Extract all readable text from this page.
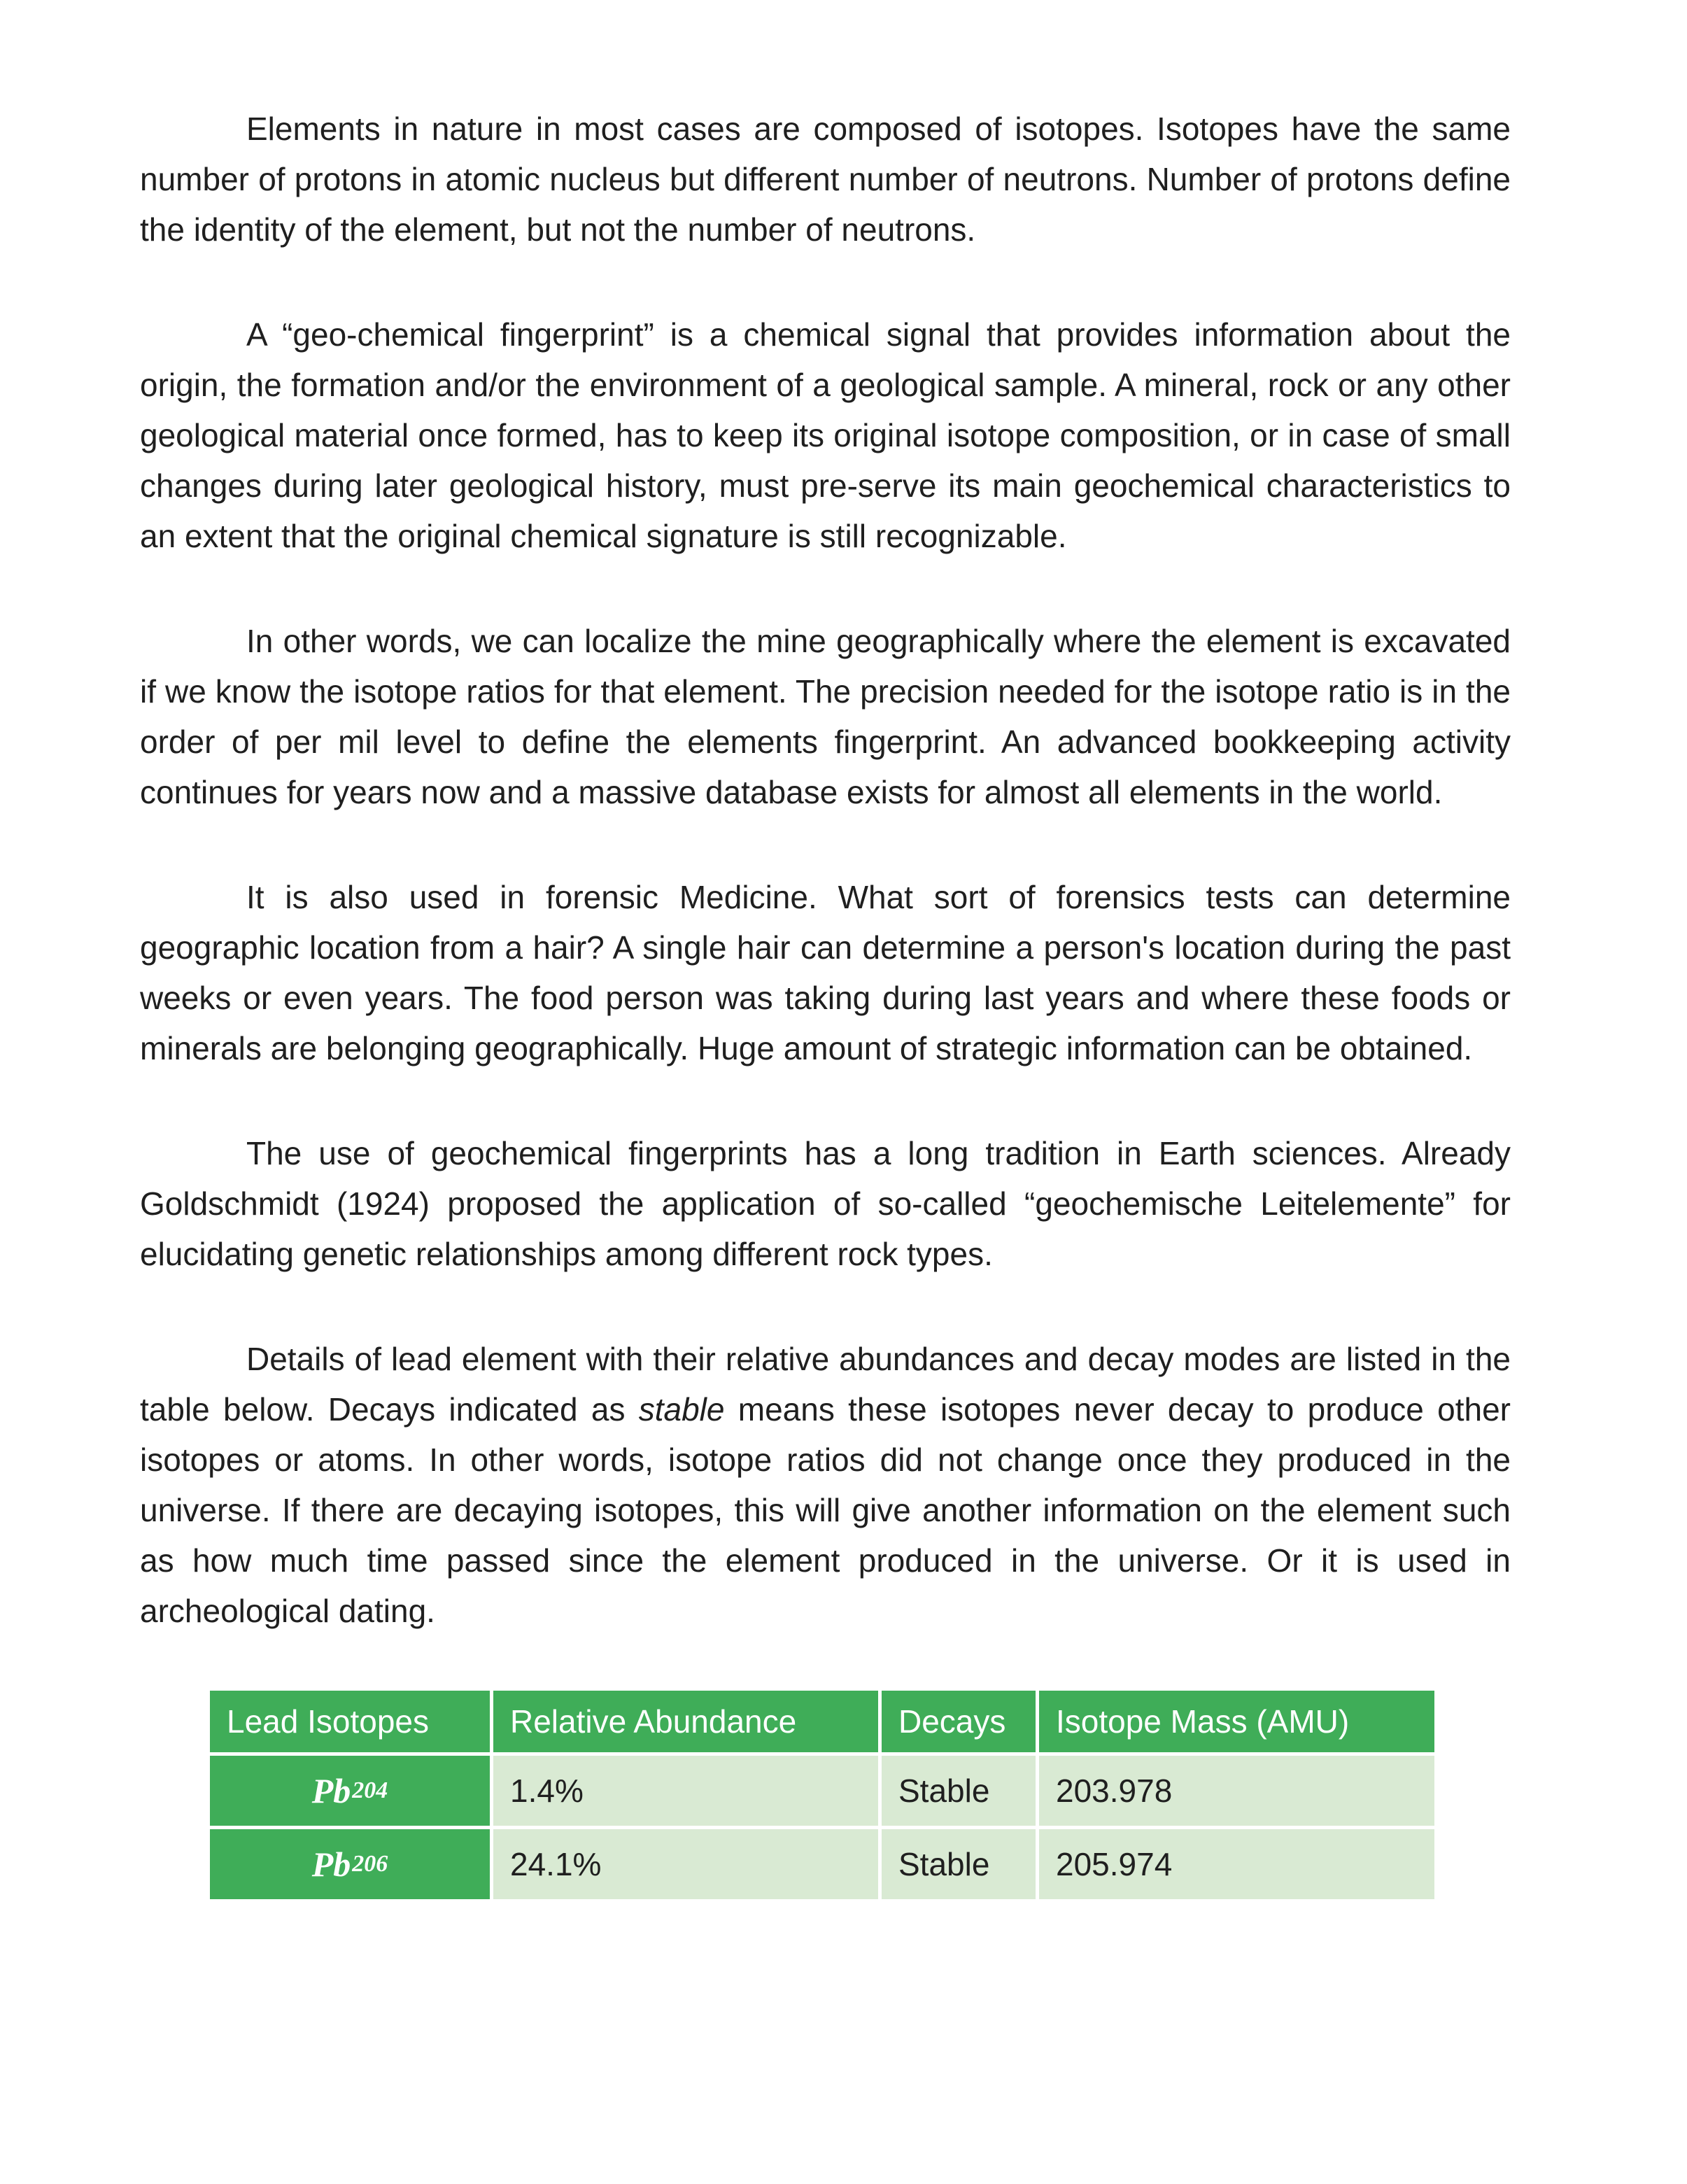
Elements in nature in most cases are composed of isotopes. Isotopes have the same number of protons in atomic nucleus but different number of neutrons. Number of protons define the identity of the element, but not the number of neutrons.

A “geo-chemical fingerprint” is a chemical signal that provides information about the origin, the formation and/or the environment of a geological sample. A mineral, rock or any other geological material once formed, has to keep its original isotope composition, or in case of small changes during later geological history, must pre-serve its main geochemical characteristics to an extent that the original chemical signature is still recognizable.

In other words, we can localize the mine geographically where the element is excavated if we know the isotope ratios for that element. The precision needed for the isotope ratio is in the order of per mil level to define the elements fingerprint. An advanced bookkeeping activity continues for years now and a massive database exists for almost all elements in the world.

It is also used in forensic Medicine. What sort of forensics tests can determine geographic location from a hair? A single hair can determine a person's location during the past weeks or even years. The food person was taking during last years and where these foods or minerals are belonging geographically. Huge amount of strategic information can be obtained.

The use of geochemical fingerprints has a long tradition in Earth sciences. Already Goldschmidt (1924) proposed the application of so-called “geochemische Leitelemente” for elucidating genetic relationships among different rock types.

Details of lead element with their relative abundances and decay modes are listed in the table below. Decays indicated as stable means these isotopes never decay to produce other isotopes or atoms. In other words, isotope ratios did not change once they produced in the universe. If there are decaying isotopes, this will give another information on the element such as how much time passed since the element produced in the universe. Or it is used in archeological dating.

Lead Isotopes	Relative Abundance	Decays	Isotope Mass (AMU)
Pb 204	1.4%	Stable	203.978
Pb 206	24.1%	Stable	205.974
